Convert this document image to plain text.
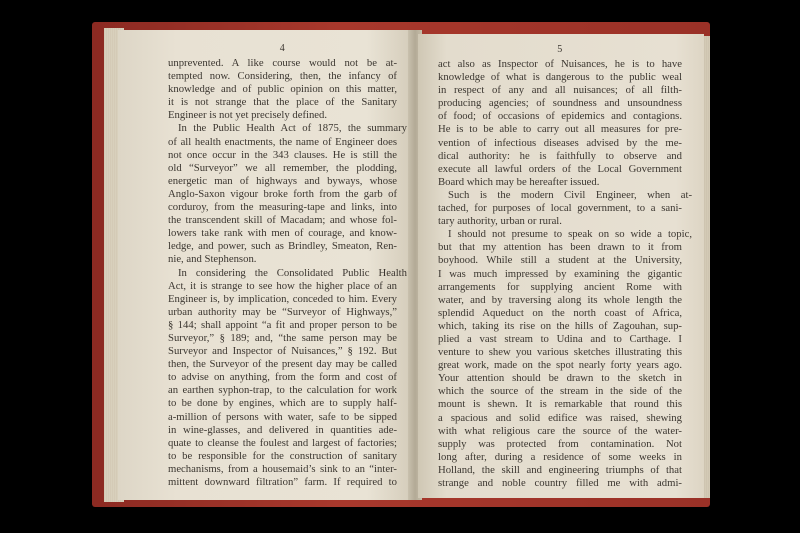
4
unprevented. A like course would not be at-
tempted now. Considering, then, the infancy of
knowledge and of public opinion on this matter,
it is not strange that the place of the Sanitary
Engineer is not yet precisely defined.
In the Public Health Act of 1875, the summary
of all health enactments, the name of Engineer does
not once occur in the 343 clauses. He is still the
old “Surveyor” we all remember, the plodding,
energetic man of highways and byways, whose
Anglo-Saxon vigour broke forth from the garb of
corduroy, from the measuring-tape and links, into
the transcendent skill of Macadam; and whose fol-
lowers take rank with men of courage, and know-
ledge, and power, such as Brindley, Smeaton, Ren-
nie, and Stephenson.
In considering the Consolidated Public Health
Act, it is strange to see how the higher place of an
Engineer is, by implication, conceded to him. Every
urban authority may be “Surveyor of Highways,”
§ 144; shall appoint “a fit and proper person to be
Surveyor,” § 189; and, “the same person may be
Surveyor and Inspector of Nuisances,” § 192. But
then, the Surveyor of the present day may be called
to advise on anything, from the form and cost of
an earthen syphon-trap, to the calculation for work
to be done by engines, which are to supply half-
a-million of persons with water, safe to be sipped
in wine-glasses, and delivered in quantities ade-
quate to cleanse the foulest and largest of factories;
to be responsible for the construction of sanitary
mechanisms, from a housemaid’s sink to an “inter-
mittent downward filtration” farm. If required to
5
act also as Inspector of Nuisances, he is to have
knowledge of what is dangerous to the public weal
in respect of any and all nuisances; of all filth-
producing agencies; of soundness and unsoundness
of food; of occasions of epidemics and contagions.
He is to be able to carry out all measures for pre-
vention of infectious diseases advised by the me-
dical authority: he is faithfully to observe and
execute all lawful orders of the Local Government
Board which may be hereafter issued.
Such is the modern Civil Engineer, when at-
tached, for purposes of local government, to a sani-
tary authority, urban or rural.
I should not presume to speak on so wide a topic,
but that my attention has been drawn to it from
boyhood. While still a student at the University,
I was much impressed by examining the gigantic
arrangements for supplying ancient Rome with
water, and by traversing along its whole length the
splendid Aqueduct on the north coast of Africa,
which, taking its rise on the hills of Zagouhan, sup-
plied a vast stream to Udina and to Carthage. I
venture to shew you various sketches illustrating this
great work, made on the spot nearly forty years ago.
Your attention should be drawn to the sketch in
which the source of the stream in the side of the
mount is shewn. It is remarkable that round this
a spacious and solid edifice was raised, shewing
with what religious care the source of the water-
supply was protected from contamination. Not
long after, during a residence of some weeks in
Holland, the skill and engineering triumphs of that
strange and noble country filled me with admi-
